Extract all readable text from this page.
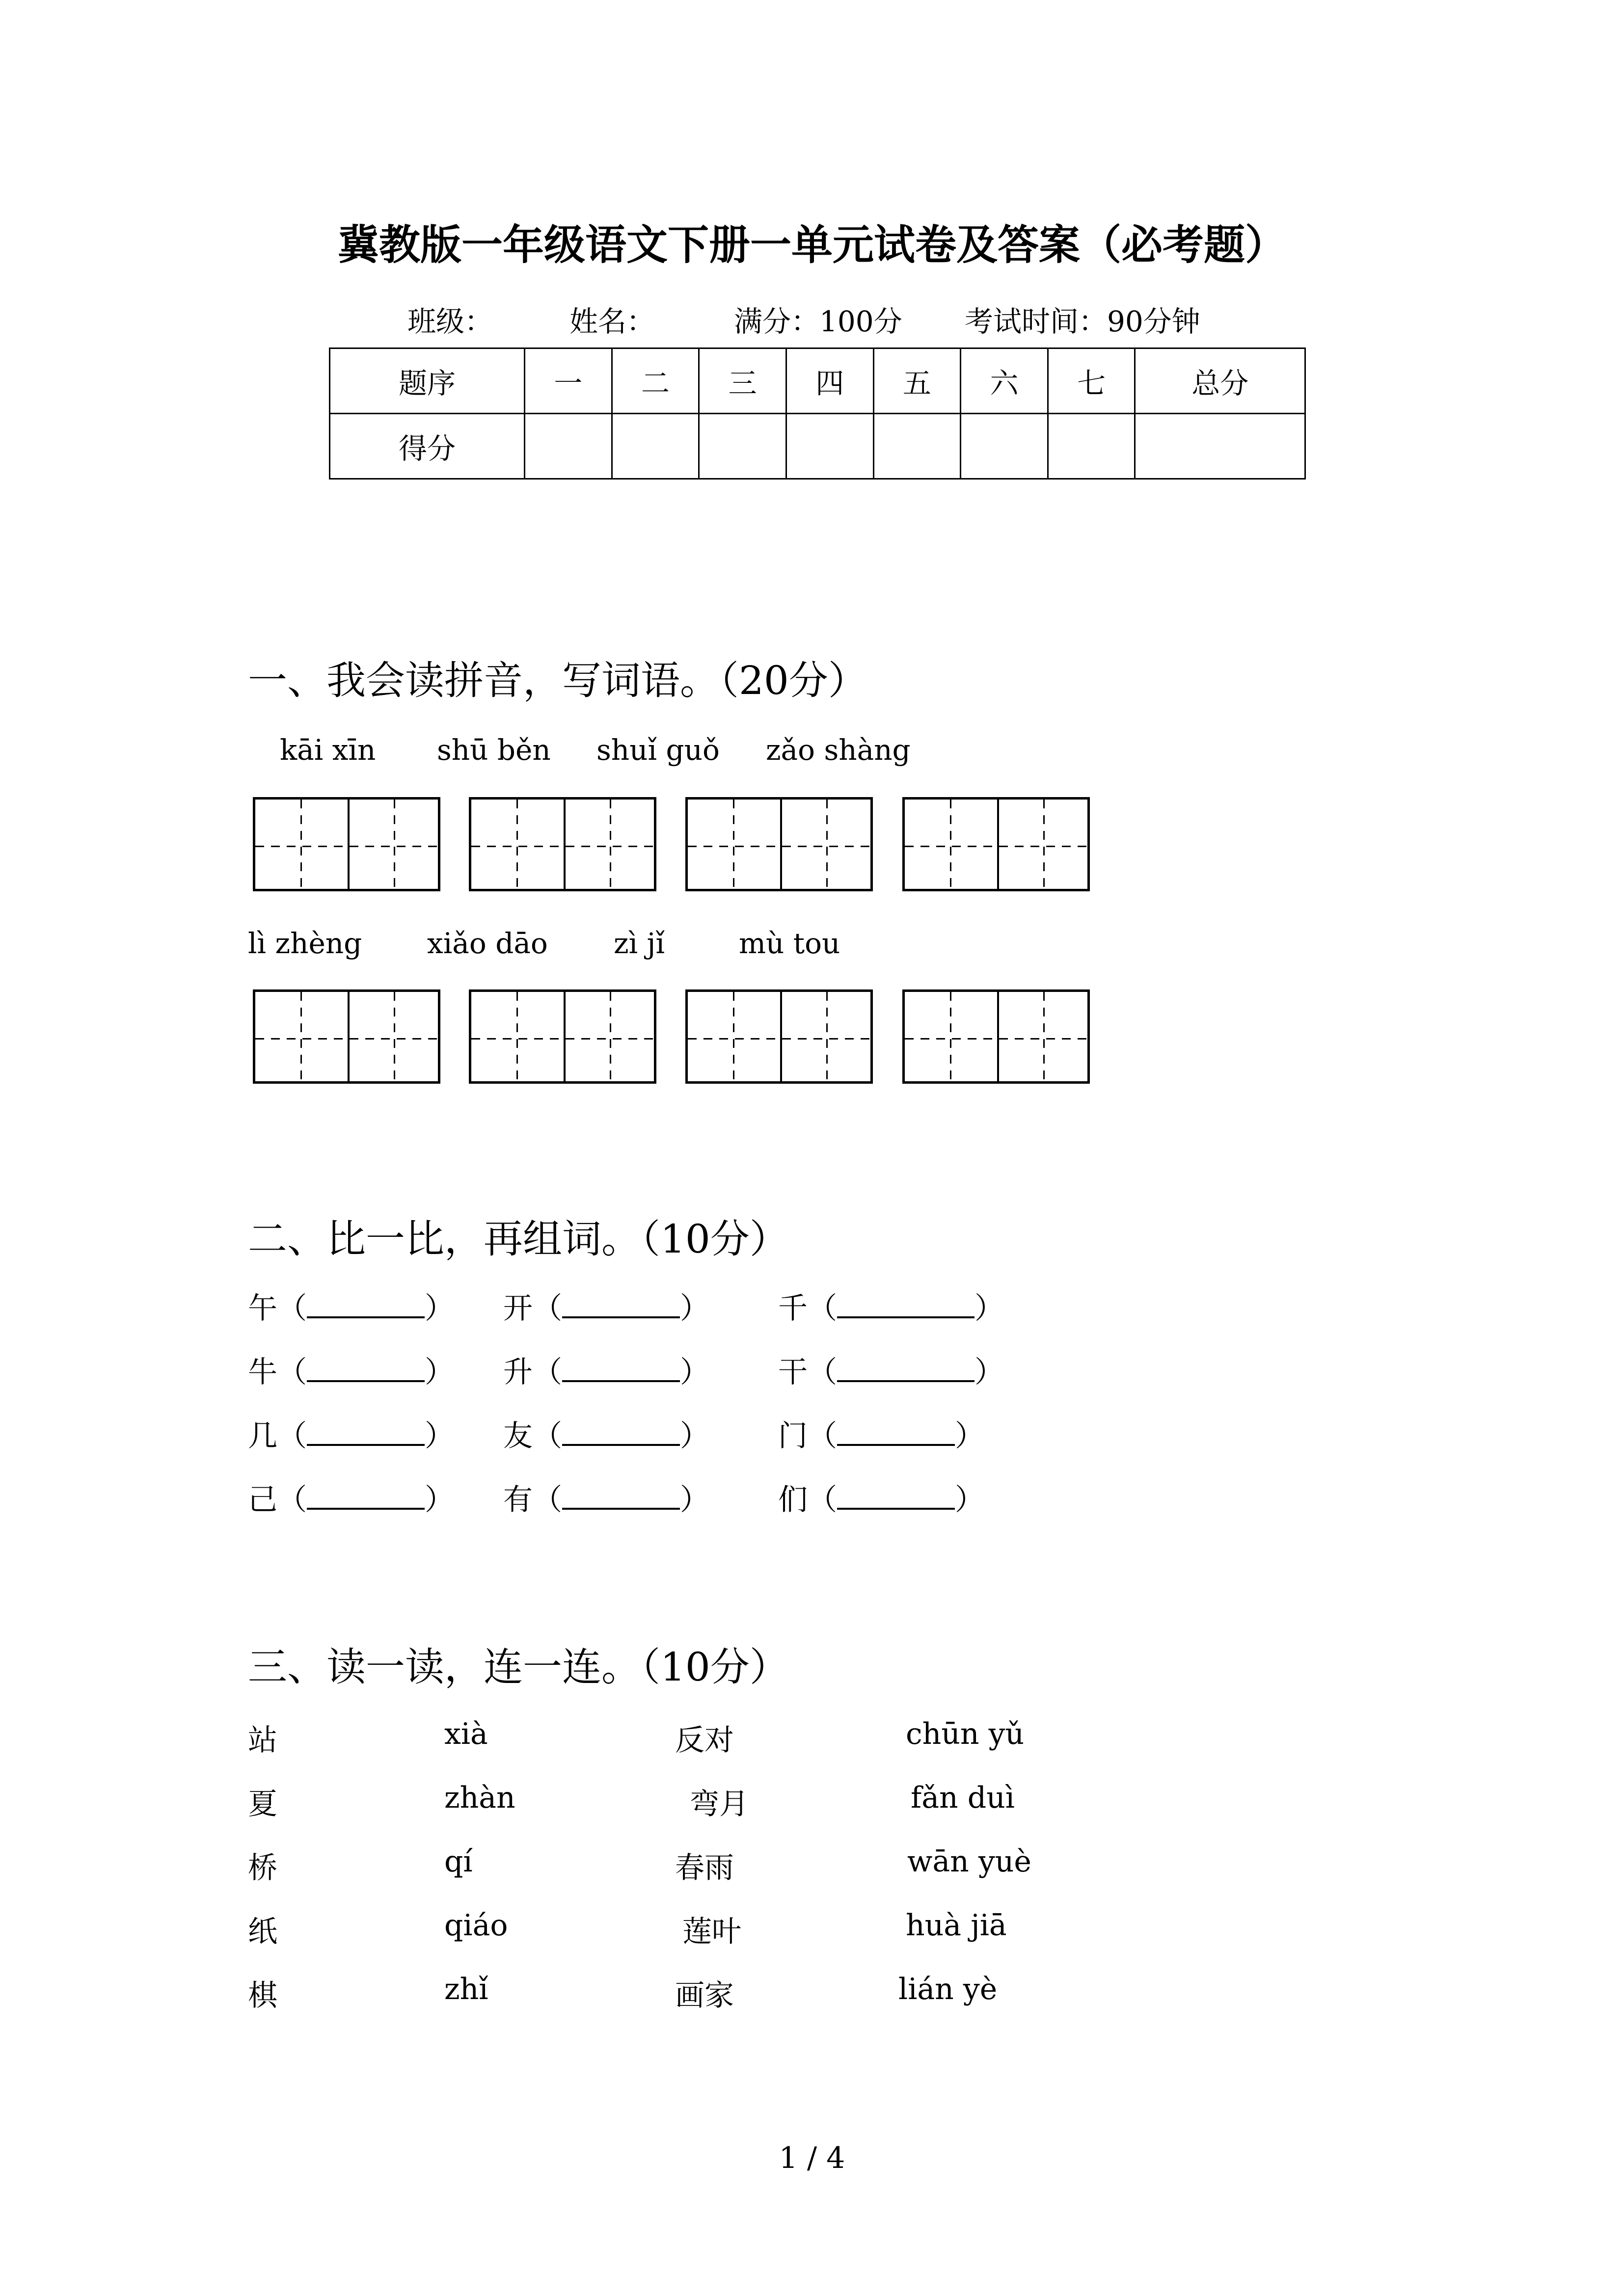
冀教版一年级语文下册一单元试卷及答案（必考题）
班级：	姓名：	满分：100分 考试时间：90分钟
题序	一	二	三	四	五	六	七	总分
得分								
一、我会读拼音，写词语。（20分）
kāi xīn shū běn shuǐ guǒ zǎo shàng
lì zhèng xiǎo dāo zì jǐ	mù tou
二、比一比，再组词。（10分）
午（	） 开（	） 千（	）
牛（	） 升（	） 干（	）
几（	） 友（	） 门（	）
己（	） 有（	） 们（	）
三、读一读，连一连。（10分）
站	xià	反对	chūn yǔ
夏	zhàn	弯月	fǎn duì
桥	qí	春雨	wān yuè
纸	qiáo	莲叶	huà jiā
棋	zhǐ	画家	lián yè
1 / 4
